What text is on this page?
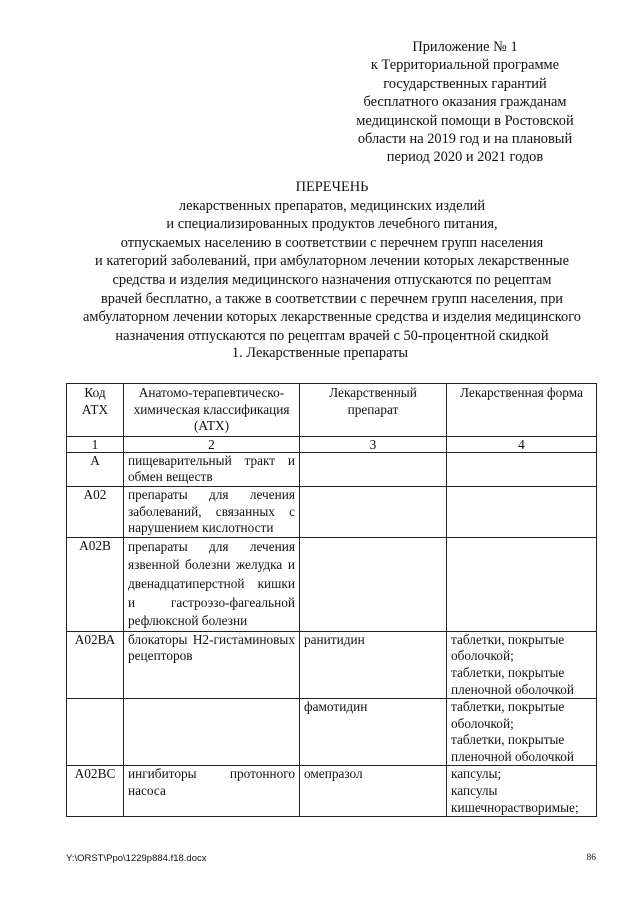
Приложение № 1
к Территориальной программе
государственных гарантий
бесплатного оказания гражданам
медицинской помощи в Ростовской
области на 2019 год и на плановый
период 2020 и 2021 годов
ПЕРЕЧЕНЬ
лекарственных препаратов, медицинских изделий
и специализированных продуктов лечебного питания,
отпускаемых населению в соответствии с перечнем групп населения
и категорий заболеваний, при амбулаторном лечении которых лекарственные
средства и изделия медицинского назначения отпускаются по рецептам
врачей бесплатно, а также в соответствии с перечнем групп населения, при
амбулаторном лечении которых лекарственные средства и изделия медицинского
назначения отпускаются по рецептам врачей с 50-процентной скидкой
1. Лекарственные препараты
Код АТХ	Анатомо-терапевтическо-химическая классификация (АТХ)	Лекарственный препарат	Лекарственная форма
1	2	3	4
А	пищеварительный тракт и обмен веществ		
А02	препараты для лечения заболеваний, связанных с нарушением кислотности		
А02В	препараты для лечения язвенной болезни желудка и двенадцатиперстной кишки и гастроэзо-фагеальной рефлюксной болезни		
А02ВА	блокаторы Н2-гистаминовых рецепторов	ранитидин	таблетки, покрытые оболочкой;
таблетки, покрытые пленочной оболочкой

		фамотидин	таблетки, покрытые оболочкой;
таблетки, покрытые пленочной оболочкой

А02ВС	ингибиторы протонного насоса	омепразол	капсулы;
капсулы кишечнорастворимые;
Y:\ORST\Ppo\1229p884.f18.docx	86
